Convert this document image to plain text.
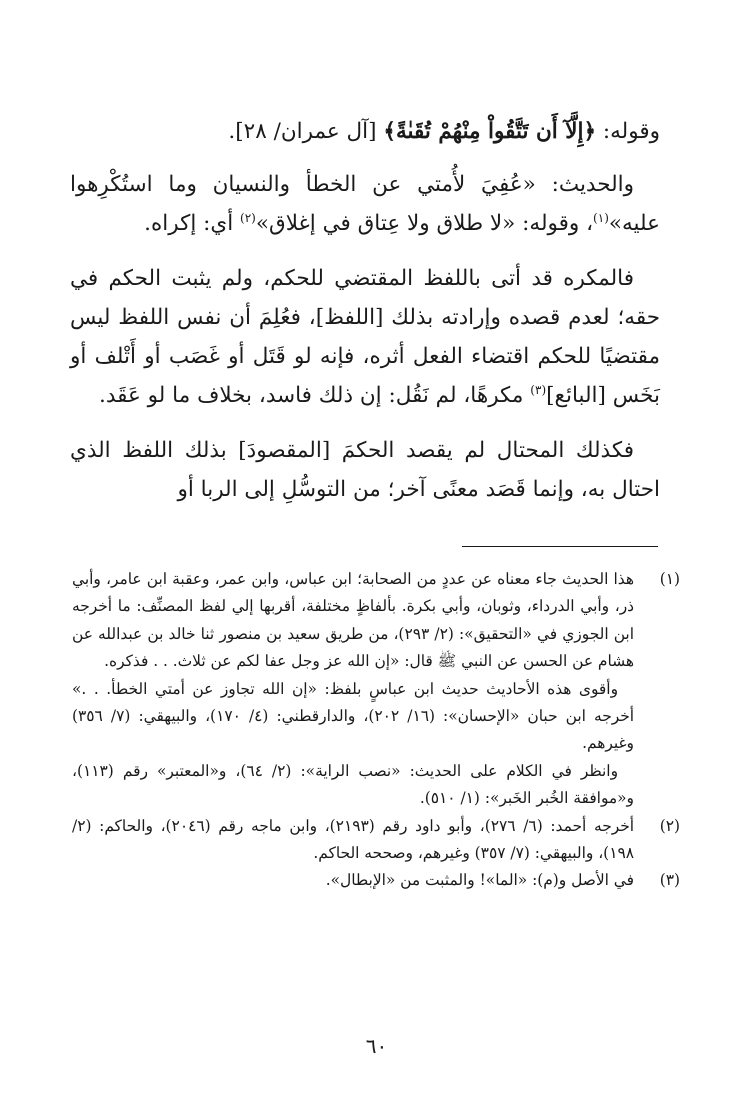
وقوله: ﴿إِلَّآ أَن تَتَّقُواْ مِنْهُمْ تُقَىٰةً﴾ [آل عمران/ ٢٨].

والحديث: «عُفِيَ لأُمتي عن الخطأ والنسيان وما استُكْرِهوا عليه»$^{(١)}$، وقوله: «لا طلاق ولا عِتاق في إغلاق»$^{(٢)}$ أي: إكراه.

فالمكره قد أتى باللفظ المقتضي للحكم، ولم يثبت الحكم في حقه؛ لعدم قصده وإرادته بذلك [اللفظ]، فعُلِمَ أن نفس اللفظ ليس مقتضيًا للحكم اقتضاء الفعل أثره، فإنه لو قَتَل أو غَصَب أو أَتْلف أو بَخَس [البائع]$^{(٣)}$ مكرهًا، لم نَقُل: إن ذلك فاسد، بخلاف ما لو عَقَد.

فكذلك المحتال لم يقصد الحكمَ [المقصودَ] بذلك اللفظ الذي احتال به، وإنما قَصَد معنًى آخر؛ من التوسُّلِ إلى الربا أو

(١)
هذا الحديث جاء معناه عن عددٍ من الصحابة؛ ابن عباس، وابن عمر، وعقبة ابن عامر، وأبي ذر، وأبي الدرداء، وثوبان، وأبي بكرة. بألفاظٍ مختلفة، أقربها إلي لفظ المصنِّف: ما أخرجه ابن الجوزي في «التحقيق»: (٢/ ٢٩٣)، من طريق سعيد بن منصور ثنا خالد بن عبدالله عن هشام عن الحسن عن النبي ﷺ قال: «إن الله عز وجل عفا لكم عن ثلاث. . . فذكره.
وأقوى هذه الأحاديث حديث ابن عباسٍ بلفظ: «إن الله تجاوز عن أمتي الخطأ. . .» أخرجه ابن حبان «الإحسان»: (١٦/ ٢٠٢)، والدارقطني: (٤/ ١٧٠)، والبيهقي: (٧/ ٣٥٦) وغيرهم.
وانظر في الكلام على الحديث: «نصب الراية»: (٢/ ٦٤)، و«المعتبر» رقم (١١٣)، و«موافقة الخُبر الخَبر»: (١/ ٥١٠).
(٢)
أخرجه أحمد: (٦/ ٢٧٦)، وأبو داود رقم (٢١٩٣)، وابن ماجه رقم (٢٠٤٦)، والحاكم: (٢/ ١٩٨)، والبيهقي: (٧/ ٣٥٧) وغيرهم، وصححه الحاكم.
(٣)
في الأصل و(م): «الما»! والمثبت من «الإبطال».
٦٠
